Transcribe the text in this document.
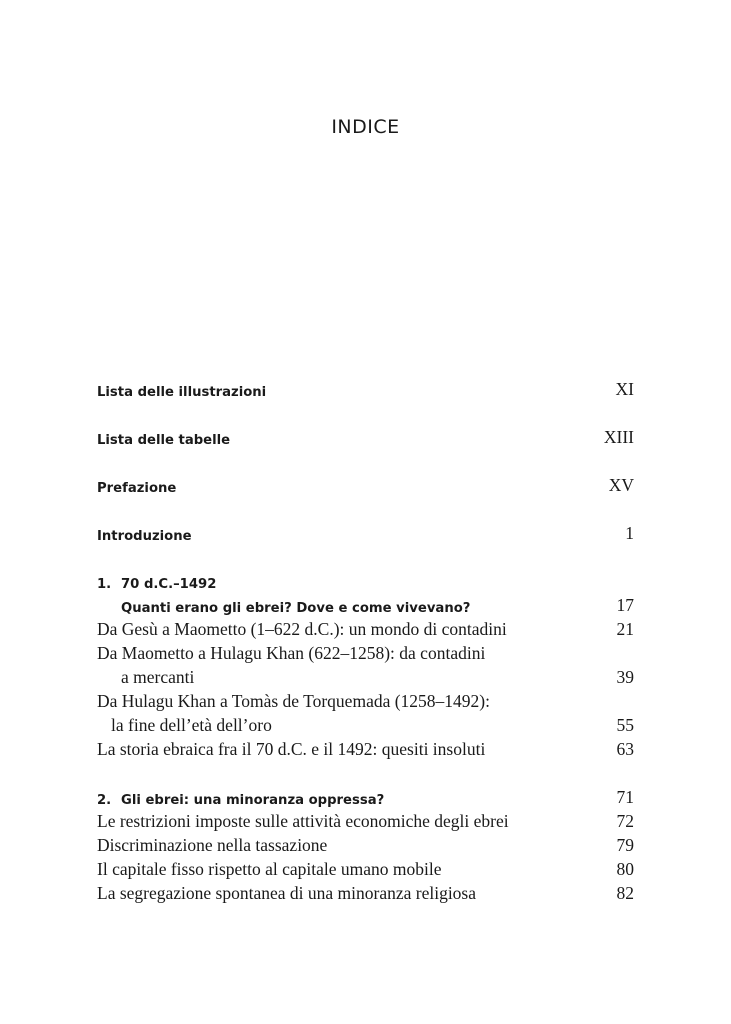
INDICE
Lista delle illustrazioni	XI
Lista delle tabelle	XIII
Prefazione	XV
Introduzione	1
1. 70 d.C.–1492
Quanti erano gli ebrei? Dove e come vivevano?	17
Da Gesù a Maometto (1–622 d.C.): un mondo di contadini	21
Da Maometto a Hulagu Khan (622–1258): da contadini
a mercanti	39
Da Hulagu Khan a Tomàs de Torquemada (1258–1492):
la fine dell’età dell’oro	55
La storia ebraica fra il 70 d.C. e il 1492: quesiti insoluti	63
2. Gli ebrei: una minoranza oppressa?	71
Le restrizioni imposte sulle attività economiche degli ebrei	72
Discriminazione nella tassazione	79
Il capitale fisso rispetto al capitale umano mobile	80
La segregazione spontanea di una minoranza religiosa	82
